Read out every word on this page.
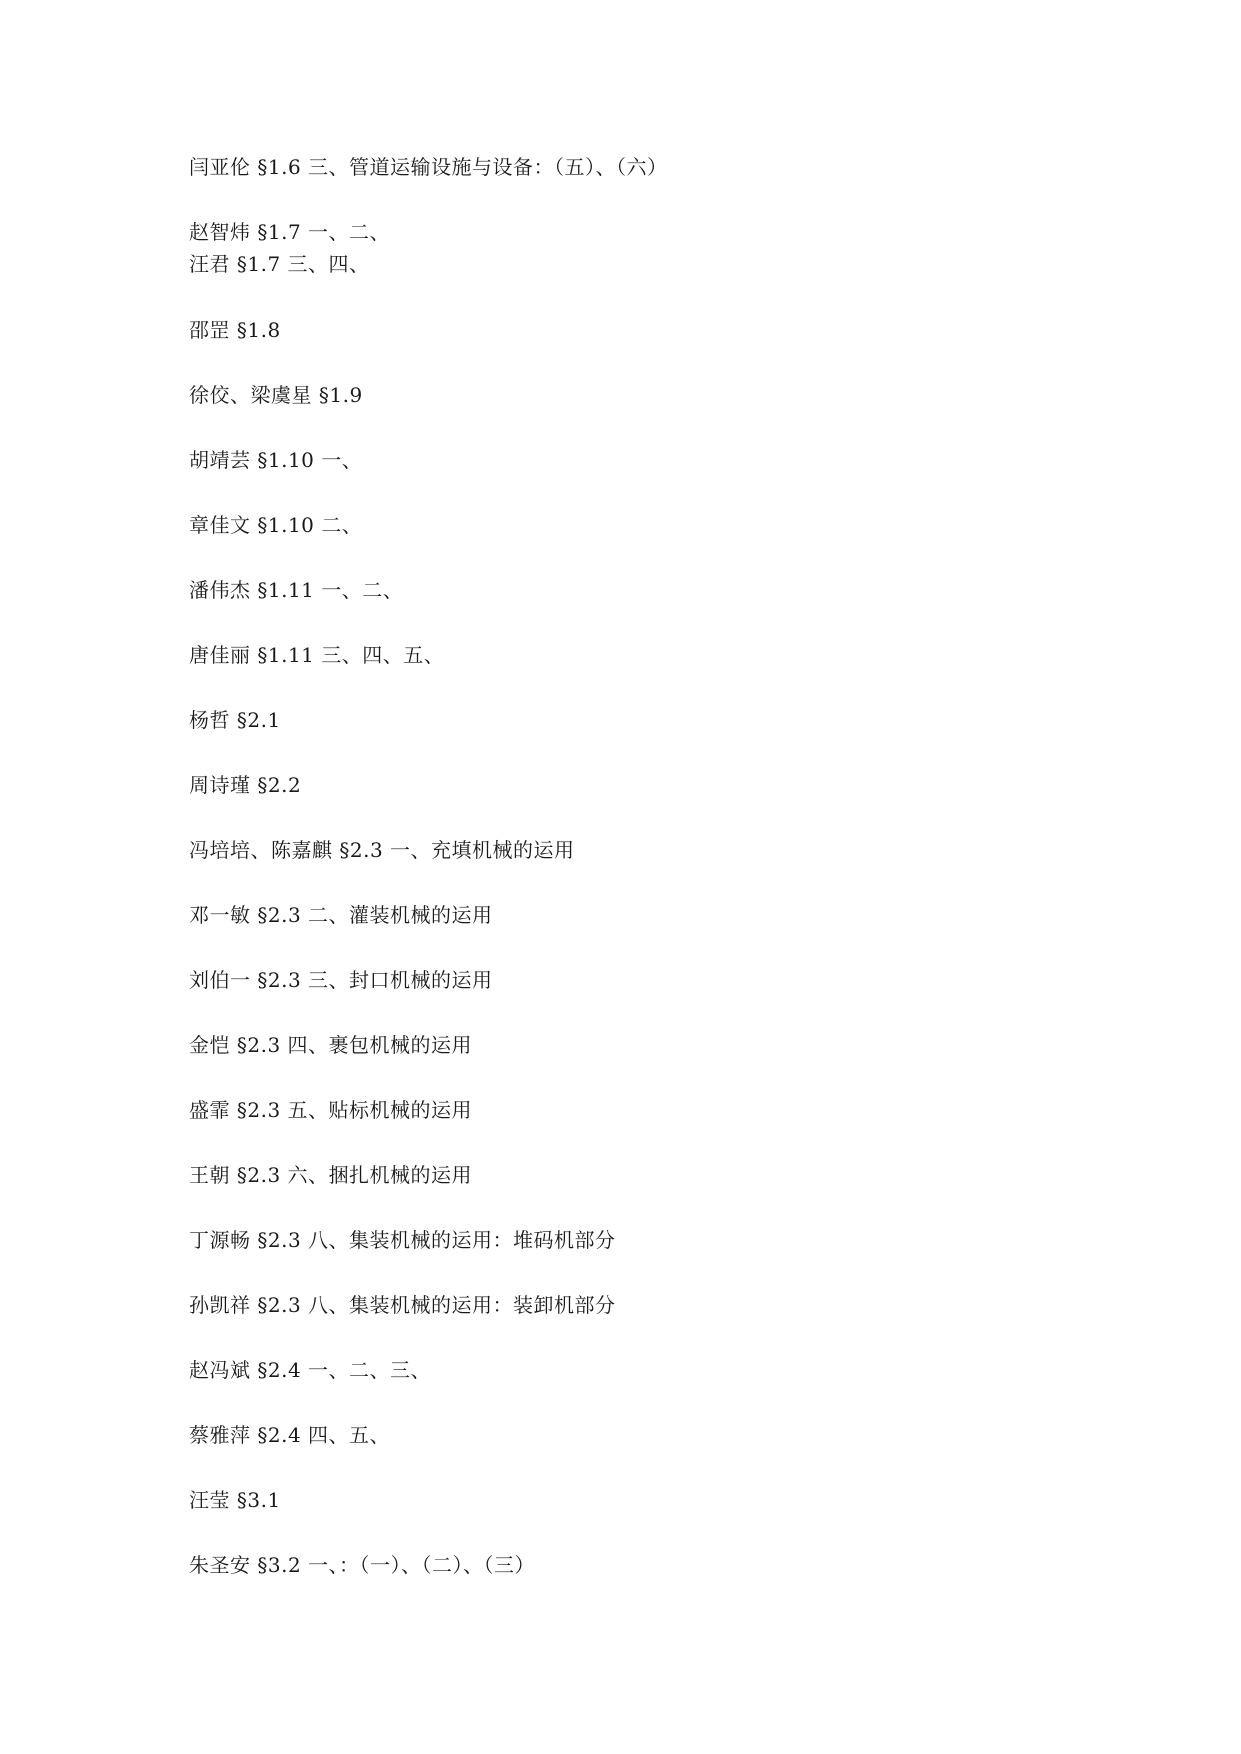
闫亚伦 §1.6 三、管道运输设施与设备：（五）、（六）
赵智炜 §1.7 一、二、
汪君 §1.7 三、四、
邵罡 §1.8
徐佼、梁虞星 §1.9
胡靖芸 §1.10 一、
章佳文 §1.10 二、
潘伟杰 §1.11 一、二、
唐佳丽 §1.11 三、四、五、
杨哲 §2.1
周诗瑾 §2.2
冯培培、陈嘉麒 §2.3 一、充填机械的运用
邓一敏 §2.3 二、灌装机械的运用
刘伯一 §2.3 三、封口机械的运用
金恺 §2.3 四、裹包机械的运用
盛霏 §2.3 五、贴标机械的运用
王朝 §2.3 六、捆扎机械的运用
丁源畅 §2.3 八、集装机械的运用：堆码机部分
孙凯祥 §2.3 八、集装机械的运用：装卸机部分
赵冯斌 §2.4 一、二、三、
蔡雅萍 §2.4 四、五、
汪莹 §3.1
朱圣安 §3.2 一、：（一）、（二）、（三）
